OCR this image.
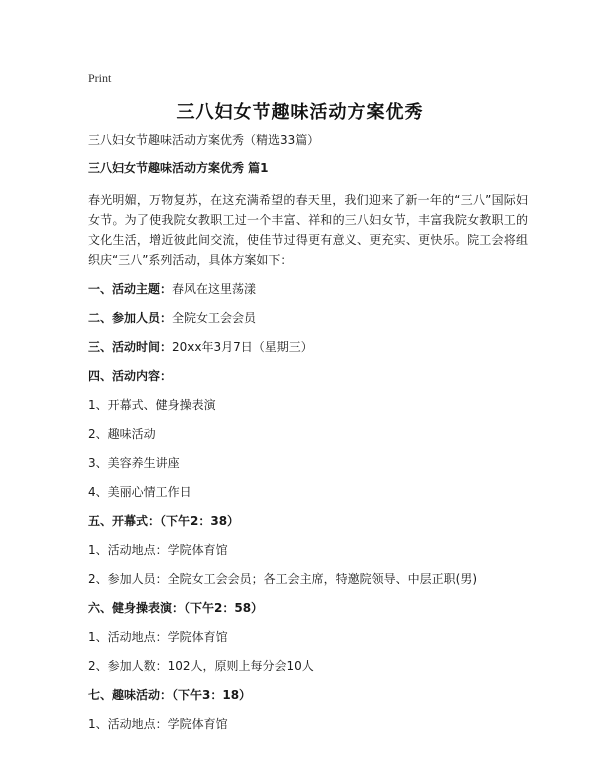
Print
三八妇女节趣味活动方案优秀

三八妇女节趣味活动方案优秀（精选33篇）

三八妇女节趣味活动方案优秀 篇1

春光明媚，万物复苏，在这充满希望的春天里，我们迎来了新一年的“三八”国际妇女节。为了使我院女教职工过一个丰富、祥和的三八妇女节，丰富我院女教职工的文化生活，增近彼此间交流，使佳节过得更有意义、更充实、更快乐。院工会将组织庆“三八”系列活动，具体方案如下：

一、活动主题：春风在这里荡漾
二、参加人员：全院女工会会员
三、活动时间：20xx年3月7日（星期三）
四、活动内容：
1、开幕式、健身操表演
2、趣味活动
3、美容养生讲座
4、美丽心情工作日
五、开幕式：（下午2：38）
1、活动地点：学院体育馆
2、参加人员：全院女工会会员；各工会主席，特邀院领导、中层正职(男)
六、健身操表演：（下午2：58）
1、活动地点：学院体育馆
2、参加人数：102人，原则上每分会10人
七、趣味活动：（下午3：18）
1、活动地点：学院体育馆
